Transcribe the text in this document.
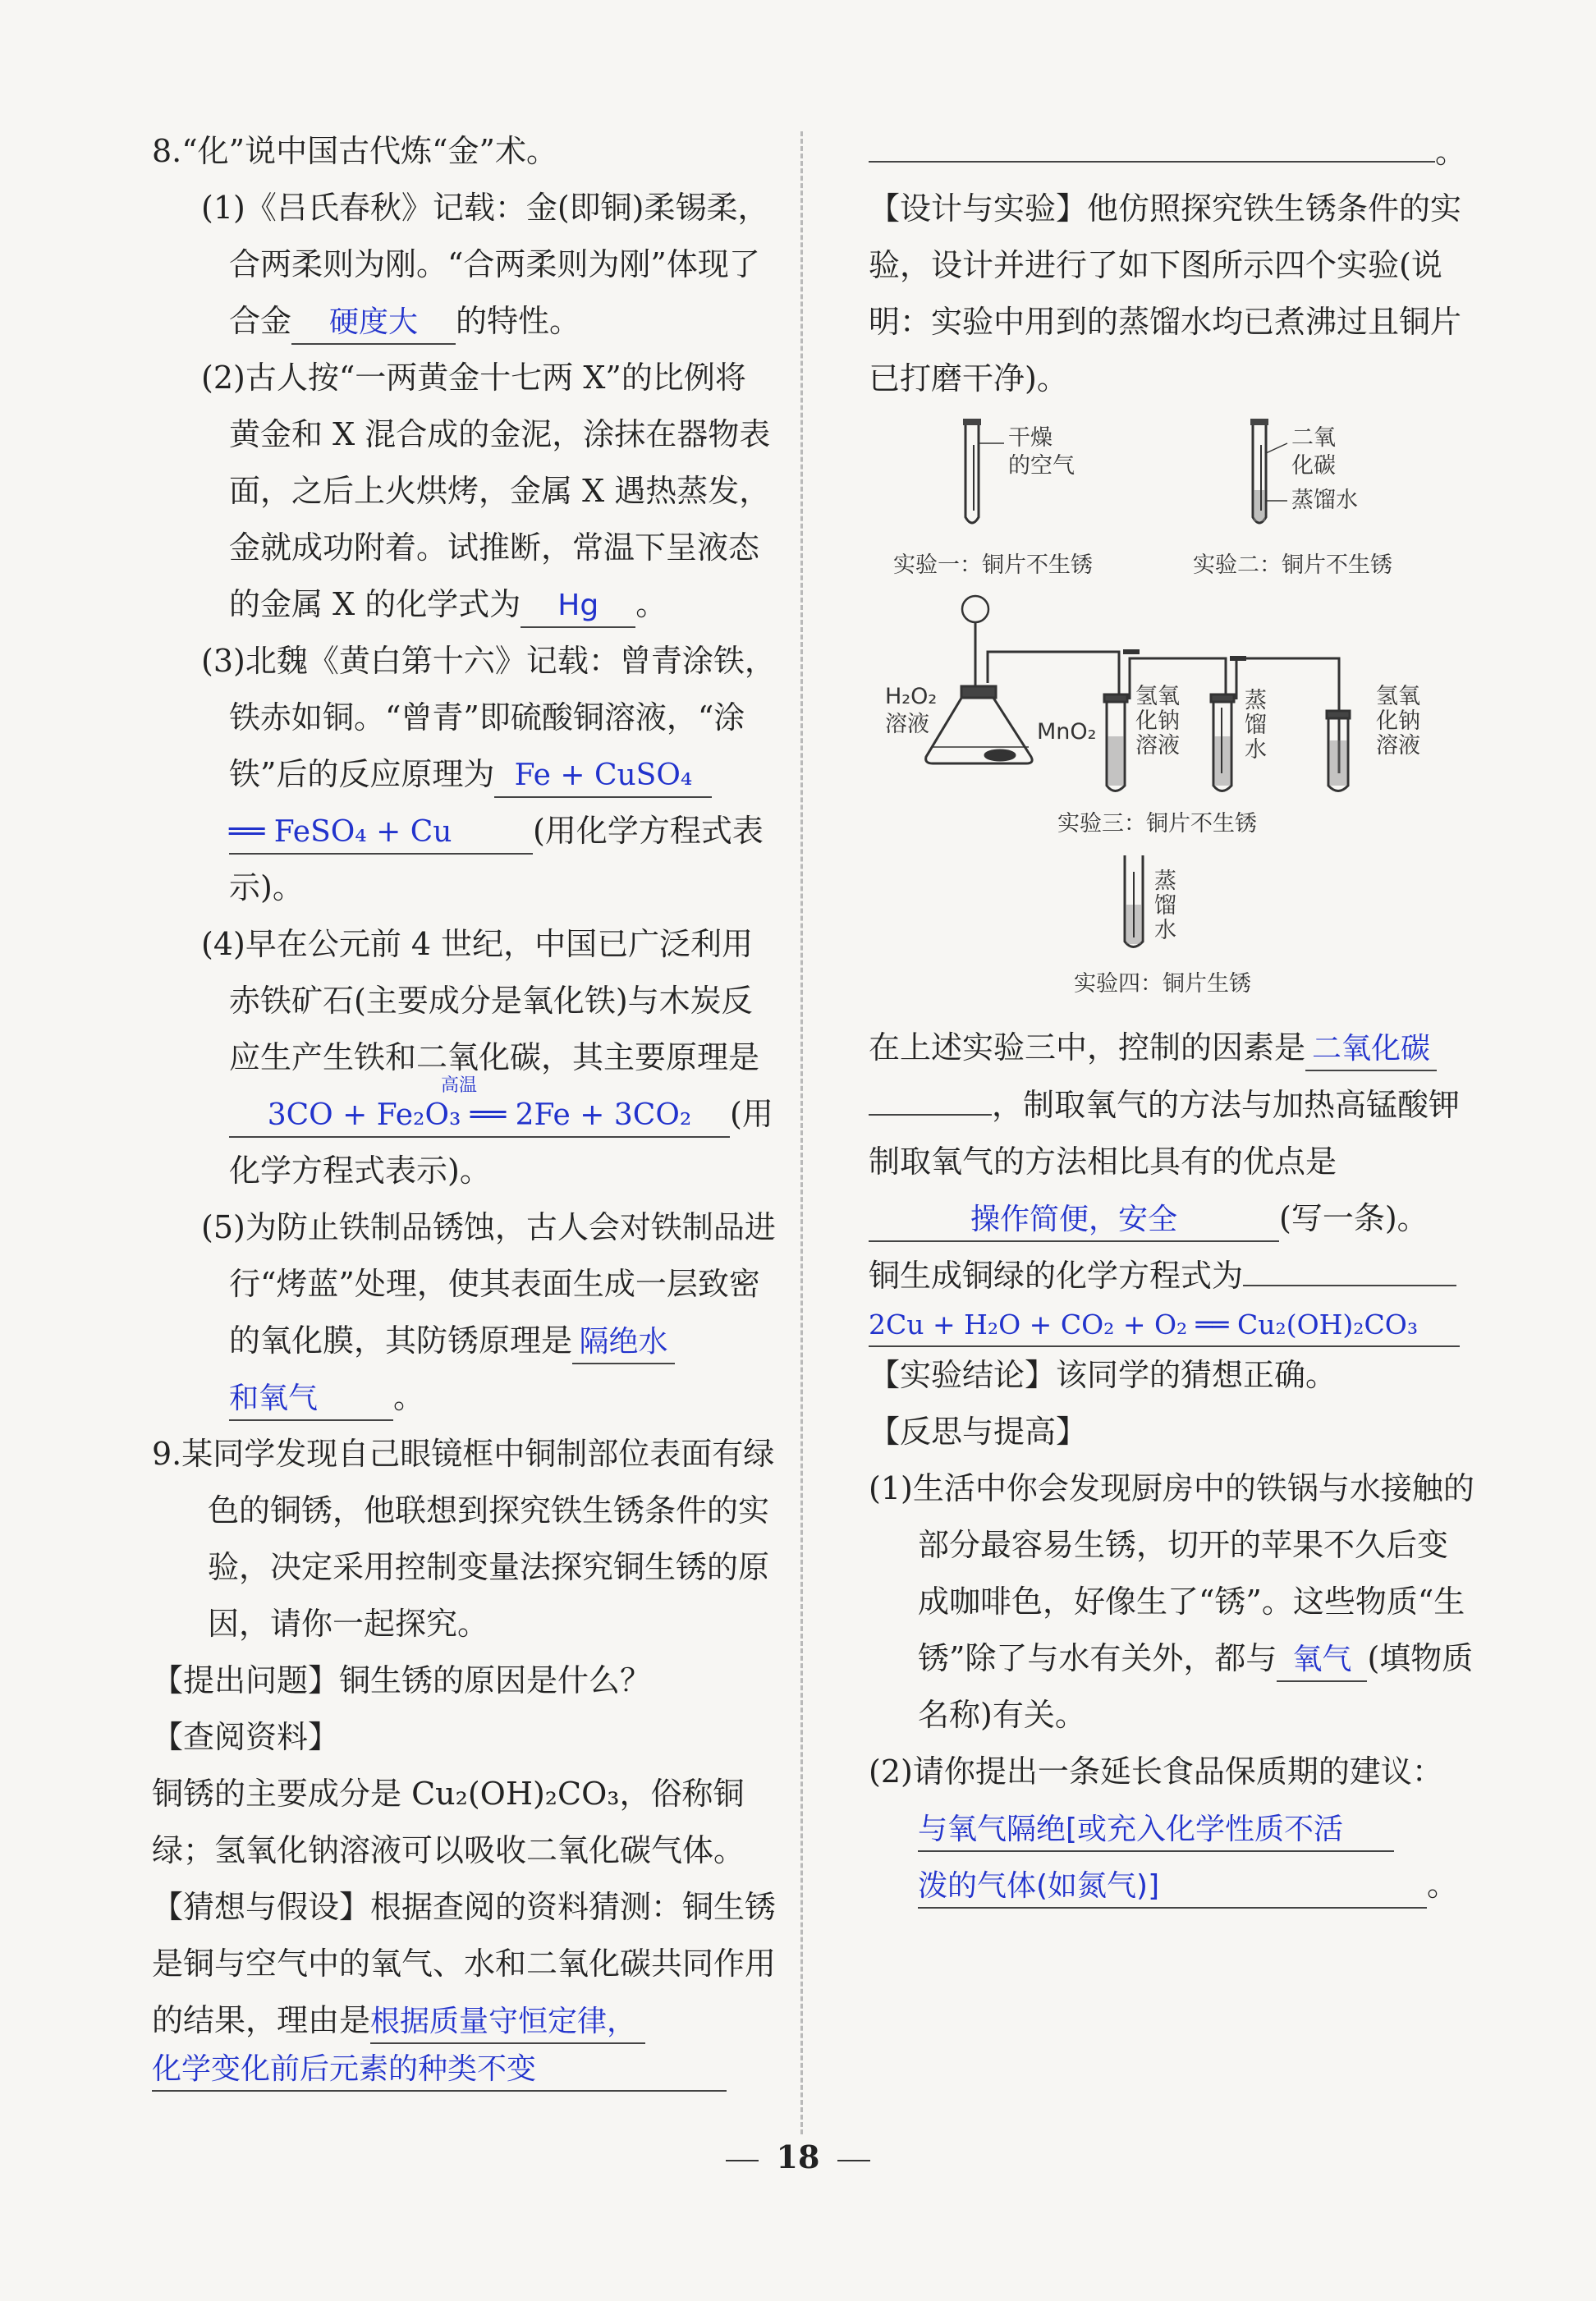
8.“化”说中国古代炼“金”术。

(1)《吕氏春秋》记载：金(即铜)柔锡柔，合两柔则为刚。“合两柔则为刚”体现了合金 硬度大 的特性。

(2)古人按“一两黄金十七两 X”的比例将黄金和 X 混合成的金泥，涂抹在器物表面，之后上火烘烤，金属 X 遇热蒸发，金就成功附着。试推断，常温下呈液态的金属 X 的化学式为 Hg 。

(3)北魏《黄白第十六》记载：曾青涂铁，铁赤如铜。“曾青”即硫酸铜溶液，“涂铁”后的反应原理为 Fe + CuSO₄══ FeSO₄ + Cu	(用化学方程式表示)。

(4)早在公元前 4 世纪，中国已广泛利用赤铁矿石(主要成分是氧化铁)与木炭反应生产生铁和二氧化碳，其主要原理是
高温
3CO + Fe₂O₃ ══ 2Fe + 3CO₂ (用化学方程式表示)。

(5)为防止铁制品锈蚀，古人会对铁制品进行“烤蓝”处理，使其表面生成一层致密的氧化膜，其防锈原理是 隔绝水和氧气 。

9.某同学发现自己眼镜框中铜制部位表面有绿色的铜锈，他联想到探究铁生锈条件的实验，决定采用控制变量法探究铜生锈的原因，请你一起探究。

【提出问题】铜生锈的原因是什么？

【查阅资料】

铜锈的主要成分是 Cu₂(OH)₂CO₃，俗称铜绿；氢氧化钠溶液可以吸收二氧化碳气体。

【猜想与假设】根据查阅的资料猜测：铜生锈是铜与空气中的氧气、水和二氧化碳共同作用的结果，理由是根据质量守恒定律，
化学变化前后元素的种类不变

。

【设计与实验】他仿照探究铁生锈条件的实验，设计并进行了如下图所示四个实验(说明：实验中用到的蒸馏水均已煮沸过且铜片已打磨干净)。

干燥的空气
实验一：铜片不生锈
二氧化碳
蒸馏水
实验二：铜片不生锈
H₂O₂ 溶液	MnO₂
氢氧化钠溶液
蒸馏水
氢氧化钠溶液
实验三：铜片不生锈
蒸馏水
实验四：铜片生锈

在上述实验三中，控制的因素是 二氧化碳，制取氧气的方法与加热高锰酸钾制取氧气的方法相比具有的优点是操作简便，安全	(写一条)。

铜生成铜绿的化学方程式为
2Cu + H₂O + CO₂ + O₂ ══ Cu₂(OH)₂CO₃

【实验结论】该同学的猜想正确。

【反思与提高】

(1)生活中你会发现厨房中的铁锅与水接触的部分最容易生锈，切开的苹果不久后变成咖啡色，好像生了“锈”。这些物质“生锈”除了与水有关外，都与 氧气 (填物质名称)有关。

(2)请你提出一条延长食品保质期的建议：与氧气隔绝[或充入化学性质不活泼的气体(如氮气)]	。

18
